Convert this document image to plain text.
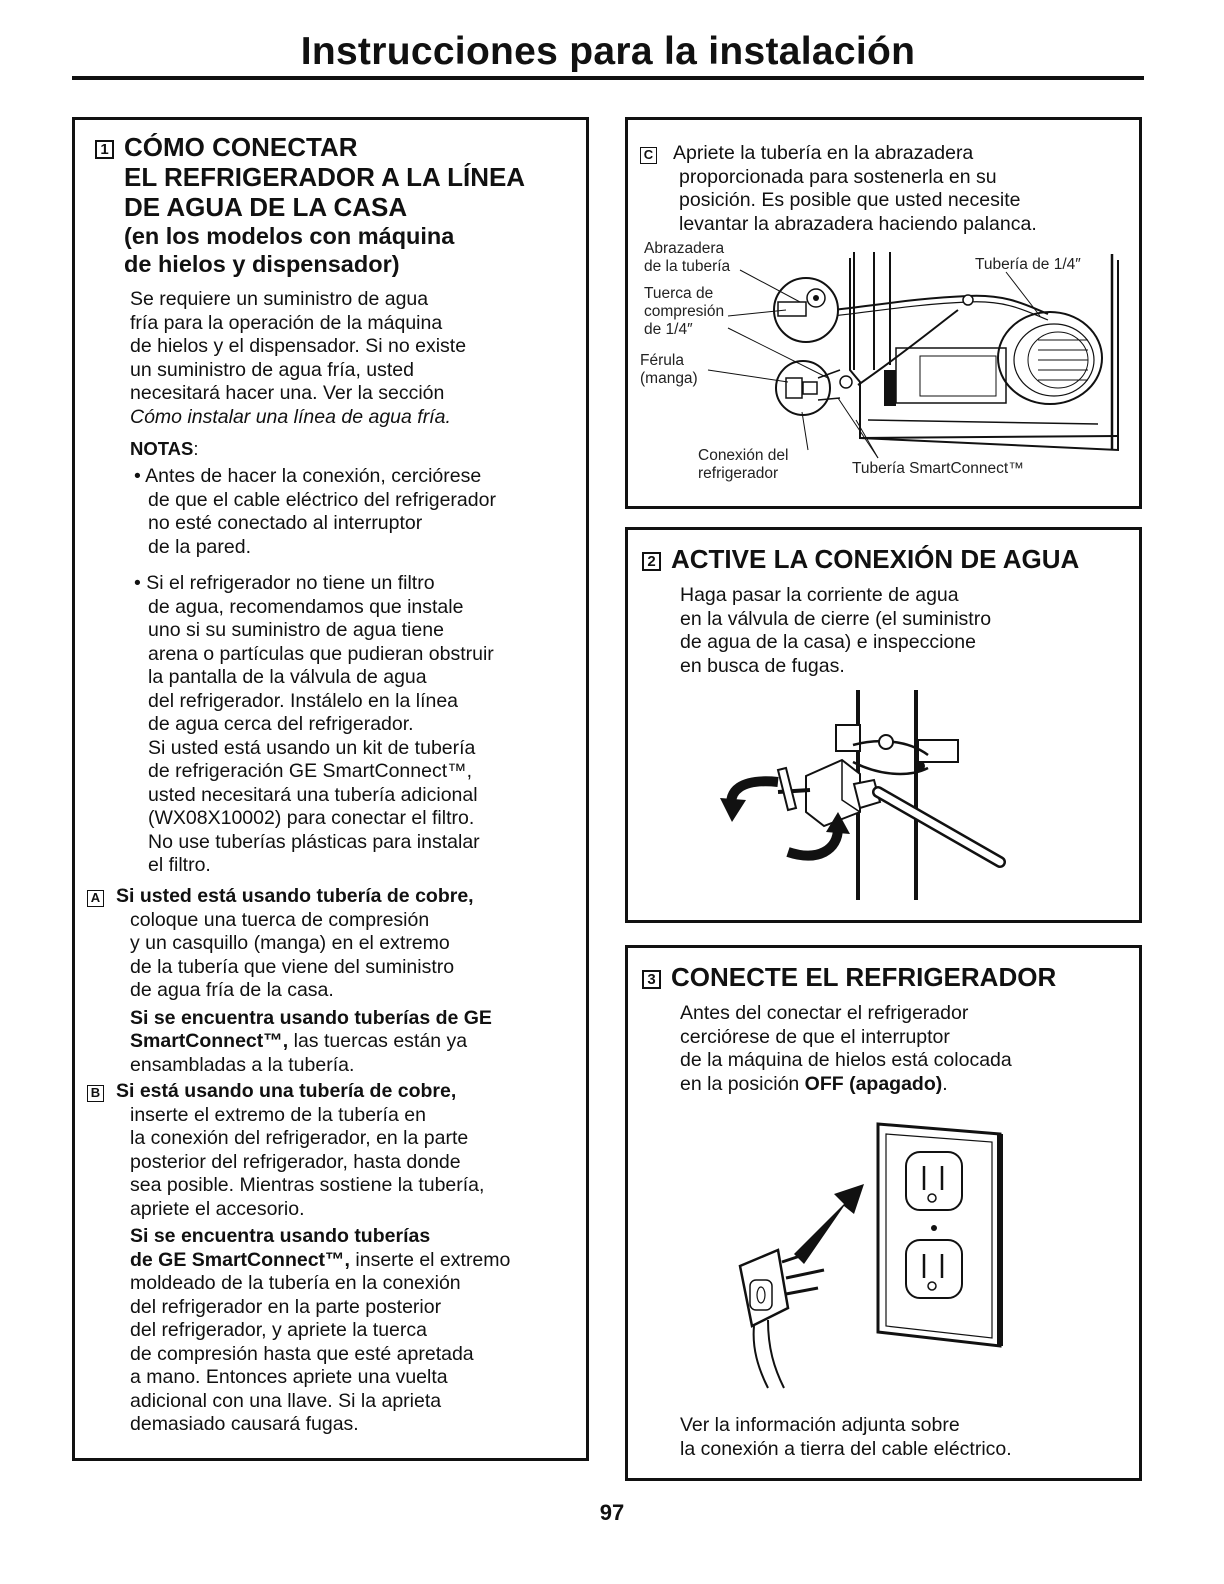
Instrucciones para la instalación
1 CÓMO CONECTAR
EL REFRIGERADOR A LA LÍNEA
DE AGUA DE LA CASA
(en los modelos con máquina
de hielos y dispensador)
Se requiere un suministro de agua
fría para la operación de la máquina
de hielos y el dispensador. Si no existe
un suministro de agua fría, usted
necesitará hacer una. Ver la sección
Cómo instalar una línea de agua fría.
NOTAS:
• Antes de hacer la conexión, cerciórese
de que el cable eléctrico del refrigerador
no esté conectado al interruptor
de la pared.
• Si el refrigerador no tiene un filtro
de agua, recomendamos que instale
uno si su suministro de agua tiene
arena o partículas que pudieran obstruir
la pantalla de la válvula de agua
del refrigerador. Instálelo en la línea
de agua cerca del refrigerador.
Si usted está usando un kit de tubería
de refrigeración GE SmartConnect™,
usted necesitará una tubería adicional
(WX08X10002) para conectar el filtro.
No use tuberías plásticas para instalar
el filtro.
A Si usted está usando tubería de cobre,
coloque una tuerca de compresión
y un casquillo (manga) en el extremo
de la tubería que viene del suministro
de agua fría de la casa.
Si se encuentra usando tuberías de GE
SmartConnect™, las tuercas están ya
ensambladas a la tubería.
B Si está usando una tubería de cobre,
inserte el extremo de la tubería en
la conexión del refrigerador, en la parte
posterior del refrigerador, hasta donde
sea posible. Mientras sostiene la tubería,
apriete el accesorio.
Si se encuentra usando tuberías
de GE SmartConnect™, inserte el extremo
moldeado de la tubería en la conexión
del refrigerador en la parte posterior
del refrigerador, y apriete la tuerca
de compresión hasta que esté apretada
a mano. Entonces apriete una vuelta
adicional con una llave. Si la aprieta
demasiado causará fugas.
C Apriete la tubería en la abrazadera
proporcionada para sostenerla en su
posición. Es posible que usted necesite
levantar la abrazadera haciendo palanca.
Abrazadera
de la tubería
Tuerca de
compresión
de 1/4″
Férula
(manga)
Tubería de 1/4″
Conexión del
refrigerador	Tubería SmartConnect™
2 ACTIVE LA CONEXIÓN DE AGUA
Haga pasar la corriente de agua
en la válvula de cierre (el suministro
de agua de la casa) e inspeccione
en busca de fugas.
3 CONECTE EL REFRIGERADOR
Antes del conectar el refrigerador
cerciórese de que el interruptor
de la máquina de hielos está colocada
en la posición OFF (apagado).
Ver la información adjunta sobre
la conexión a tierra del cable eléctrico.
97
